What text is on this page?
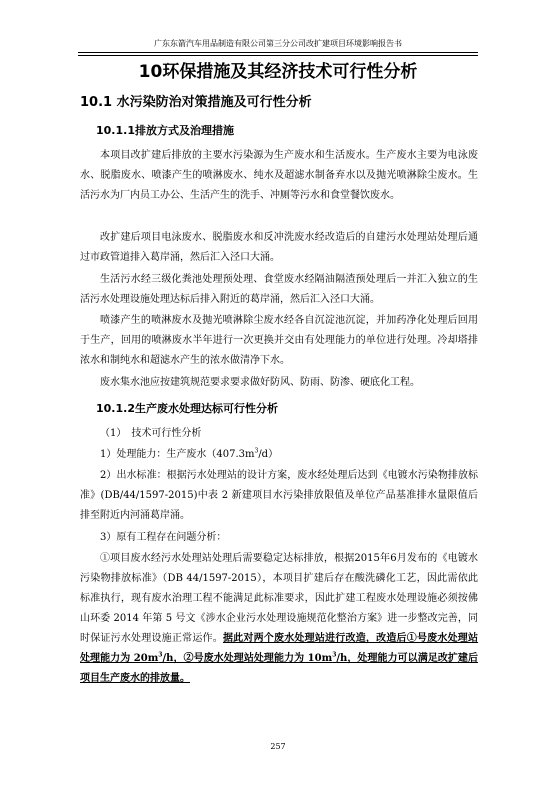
广东东箭汽车用品制造有限公司第三分公司改扩建项目环境影响报告书
10环保措施及其经济技术可行性分析
10.1 水污染防治对策措施及可行性分析
10.1.1排放方式及治理措施

本项目改扩建后排放的主要水污染源为生产废水和生活废水。生产废水主要为电泳废水、脱脂废水、喷漆产生的喷淋废水、纯水及超滤水制备弃水以及抛光喷淋除尘废水。生活污水为厂内员工办公、生活产生的洗手、冲厕等污水和食堂餐饮废水。

改扩建后项目电泳废水、脱脂废水和反冲洗废水经改造后的自建污水处理站处理后通过市政管道排入葛岸涌，然后汇入泾口大涌。

生活污水经三级化粪池处理预处理、食堂废水经隔油隔渣预处理后一并汇入独立的生活污水处理设施处理达标后排入附近的葛岸涌，然后汇入泾口大涌。

喷漆产生的喷淋废水及抛光喷淋除尘废水经各自沉淀池沉淀，并加药净化处理后回用于生产，回用的喷淋废水半年进行一次更换并交由有处理能力的单位进行处理。冷却塔排浓水和制纯水和超滤水产生的浓水做清净下水。

废水集水池应按建筑规范要求要求做好防风、防雨、防渗、硬底化工程。

10.1.2生产废水处理达标可行性分析

（1）　技术可行性分析

1）处理能力：生产废水$(407.3m^3/d)$

2）出水标准：根据污水处理站的设计方案，废水经处理后达到《电镀水污染物排放标准》(DB/44/1597-2015)中表 2 新建项目水污染排放限值及单位产品基准排水量限值后排至附近内河涌葛岸涌。

3）原有工程存在问题分析：

①项目废水经污水处理站处理后需要稳定达标排放，根据2015年6月发布的《电镀水污染物排放标准》（DB 44/1597-2015），本项目扩建后存在酸洗磷化工艺，因此需依此标准执行，现有废水治理工程不能满足此标准要求，因此扩建工程废水处理设施必须按佛山环委 2014 年第 5 号文《涉水企业污水处理设施规范化整治方案》进一步整改完善，同时保证污水处理设施正常运作。据此对两个废水处理站进行改造，改造后①号废水处理站处理能力为 $20m^3/h$，②号废水处理站处理能力为 $10m^3/h$，处理能力可以满足改扩建后项目生产废水的排放量。

257
